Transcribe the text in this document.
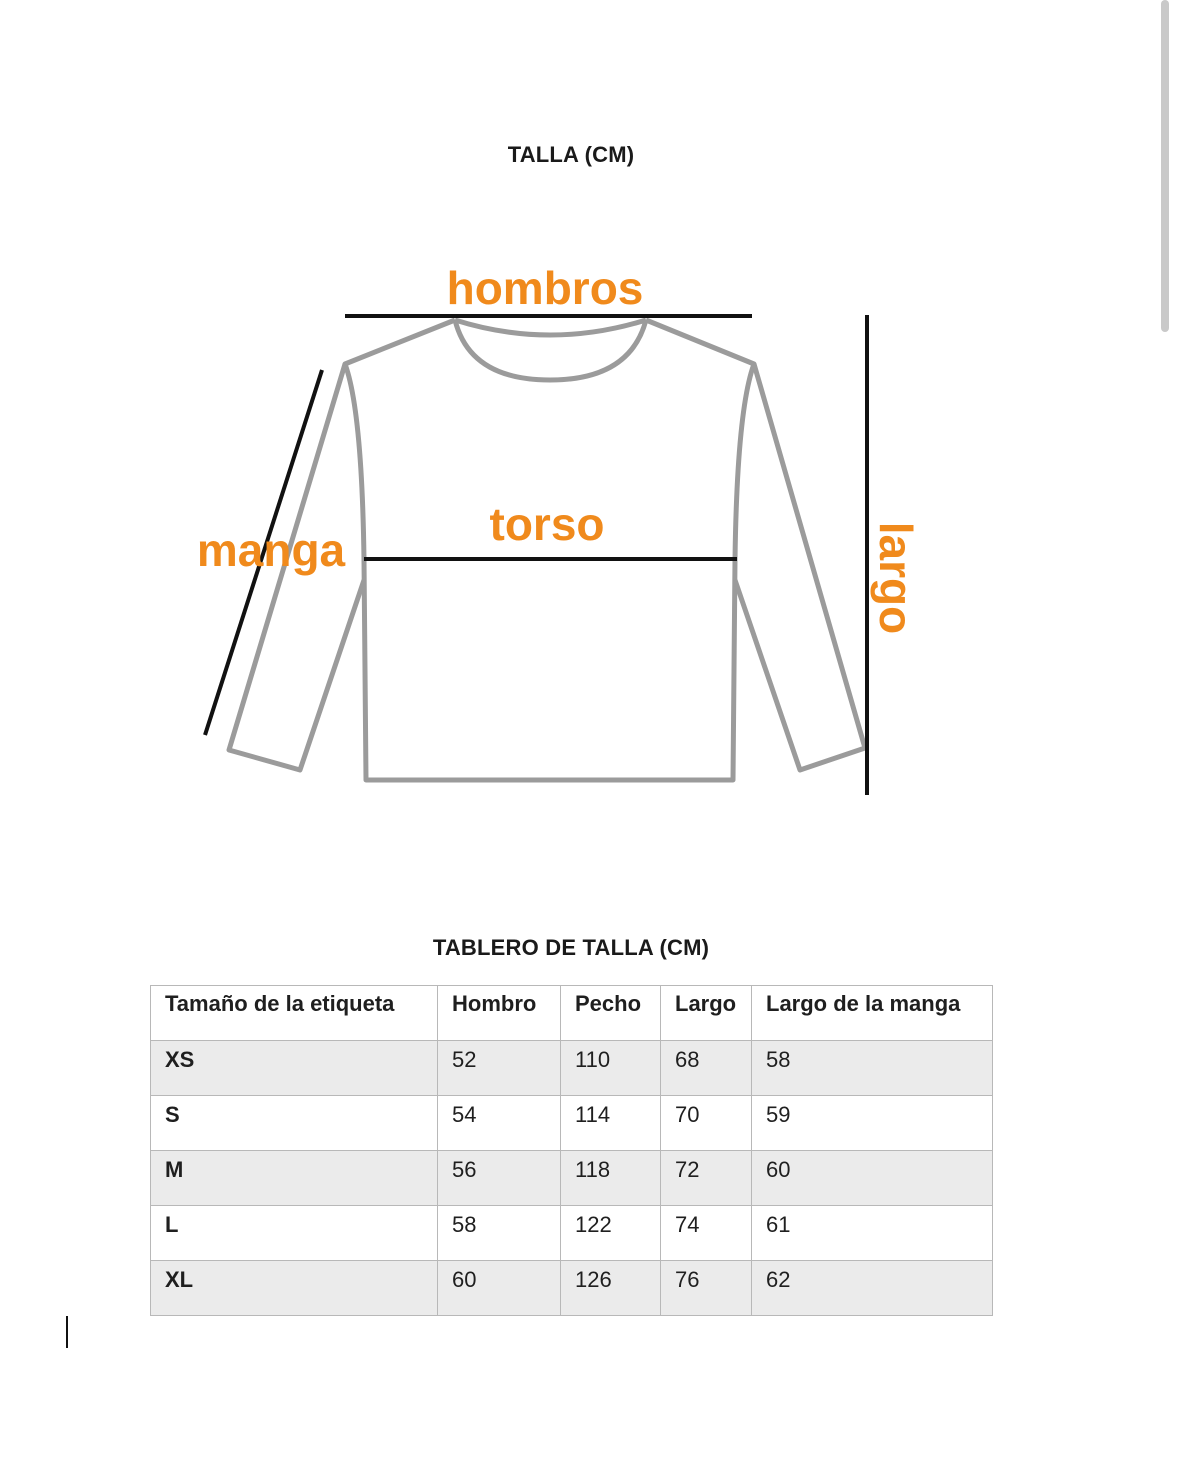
TALLA (CM)
hombros
torso
manga	largo
TABLERO DE TALLA (CM)
Tamaño de la etiqueta	Hombro	Pecho	Largo	Largo de la manga
XS	52	110	68	58
S	54	114	70	59
M	56	118	72	60
L	58	122	74	61
XL	60	126	76	62
